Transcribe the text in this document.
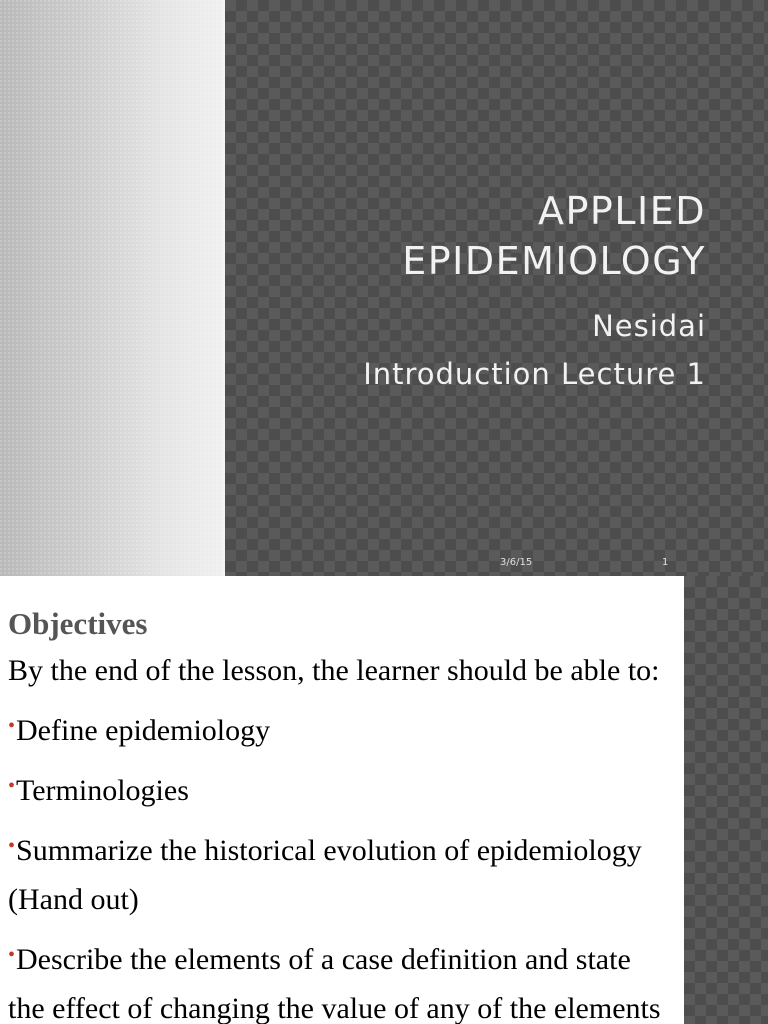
APPLIED
EPIDEMIOLOGY
Nesidai
Introduction Lecture 1
3/6/15	1
Objectives
By the end of the lesson, the learner should be able to:
•Define epidemiology
•Terminologies
•Summarize the historical evolution of epidemiology
(Hand out)
•Describe the elements of a case definition and state
the effect of changing the value of any of the elements
